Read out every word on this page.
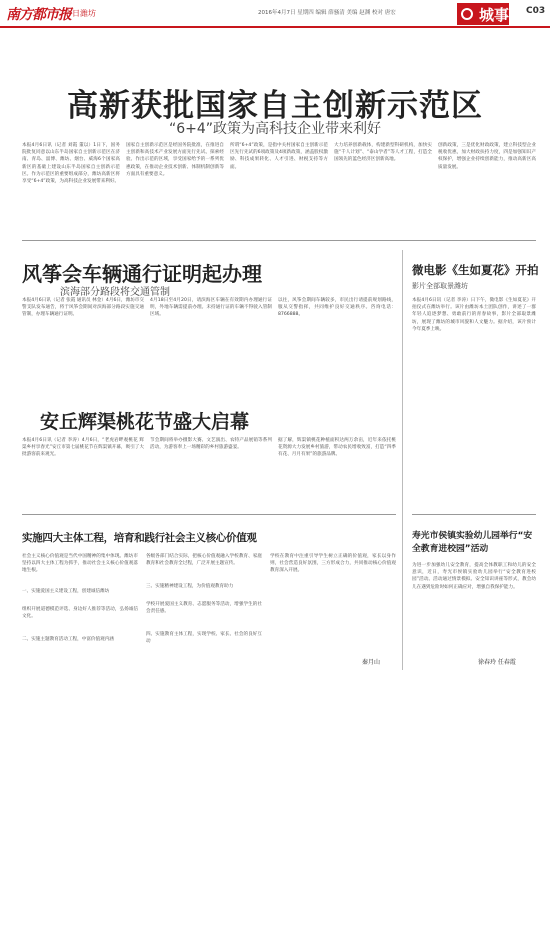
南方都市报
今日潍坊	2016年4月7日 星期四 编辑 薛骚清 美编 赵渊 校对 唐宏	城事 C03
高新获批国家自主创新示范区
“6+4”政策为高科技企业带来利好
本报4月6日讯（记者 刘霞 董以）1日下，国务院批复同意以山东半岛国家自主创新示范区在济南、青岛、淄博、潍坊、烟台、威海6个国家高新区的基础上建设山东半岛国家自主创新示范区。作为示范区的重要组成部分，潍坊高新区将享受“6+4”政策，为高科技企业发展带来利好。
国家自主创新示范区是经国务院批准，在推进自主创新和高技术产业发展方面先行先试、探索经验、作出示范的区域，享受国家给予的一系列优惠政策，在推动企业技术创新、体制机制创新等方面具有重要意义。
所谓“6+4”政策，是指中关村国家自主创新示范区先行先试的6项政策及4项新政策，涵盖股权激励、科技成果转化、人才引进、财税支持等方面。
大力培养创新载体，构建新型科研机构，加快实施“千人计划”、“泰山学者”等人才工程，打造全国领先的蓝色经济区创新高地。
创新政策，三是优化财政政策，建立科技型企业税收优惠，加大财政扶持力度，四是加强知识产权保护，增强企业持续创新能力，推动高新区高质量发展。
风筝会车辆通行证明起办理
滨海部分路段将交通管制
本报4月6日讯（记者 张霞 通讯员 林金）4月6日，潍坊市交警支队发布通告，将于风筝会期间对滨海部分路段实施交通管制，办理车辆通行证明。
4月18日至4月20日，请滨海区车辆在有效期内办理通行证明，外地车辆需提前办理。未持通行证的车辆不得驶入管制区域。
以往，风筝会期间车辆较多，市民出行请提前规划路线，服从交警指挥，共同维护良好交通秩序。咨询电话：8766888。
安丘辉渠桃花节盛大启幕
本报4月6日讯（记者 李涛）4月6日，“老虎岩畔观桃花 辉渠乡村享春光”安丘市第七届桃花节在辉渠镇开幕，吸引了大批游客前来观光。
节会期间将举办摄影大赛、文艺演出、农特产品展销等系列活动，为游客奉上一场精彩的乡村旅游盛宴。
据了解，辉渠镇桃花种植面积达两万余亩，近年来依托桃花资源大力发展乡村旅游，带动农民增收致富，打造“四季有花、月月有果”的旅游品牌。
实施四大主体工程，培育和践行社会主义核心价值观
社会主义核心价值观是当代中国精神的集中体现。潍坊市坚持以四大主体工程为抓手，推动社会主义核心价值观落地生根。
一、实施爱国主义建设工程，创建诚信潍坊
组织开展道德模范评选、身边好人推荐等活动，弘扬诚信文化。
二、实施主题教育活动工程，中富价值观内涵
各级各部门结合实际，把核心价值观融入学校教育、家庭教育和社会教育全过程，广泛开展主题宣传。
三、实施精神建设工程，为价值观教育助力
学校开展爱国主义教育、志愿服务等活动，增强学生的社会责任感。
四、实施教育主体工程，实现学校、家长、社会的良好互动
学校在教育中注重引导学生树立正确的价值观，家长以身作则，社会营造良好氛围，三方形成合力，共同推动核心价值观教育深入开展。
秦月山
微电影《生如夏花》开拍
影片全部取景潍坊
本报4月6日讯（记者 李涛）日下午，微电影《生如夏花》开拍仪式在潍坊举行。该片由潍坊本土团队创作，讲述了一群年轻人追逐梦想、勇敢前行的青春故事，影片全部取景潍坊，展现了潍坊的城市风貌和人文魅力。据介绍，该片预计今年夏季上映。
寿光市侯镇实验幼儿园举行“安全教育进校园”活动
为进一步加强幼儿安全教育，提高全体教职工和幼儿的安全意识，近日，寿光市侯镇实验幼儿园举行“安全教育进校园”活动。活动通过情景模拟、安全知识讲座等形式，教会幼儿在遇到危险时如何正确应对，增强自我保护能力。
徐春玲 任春霞
